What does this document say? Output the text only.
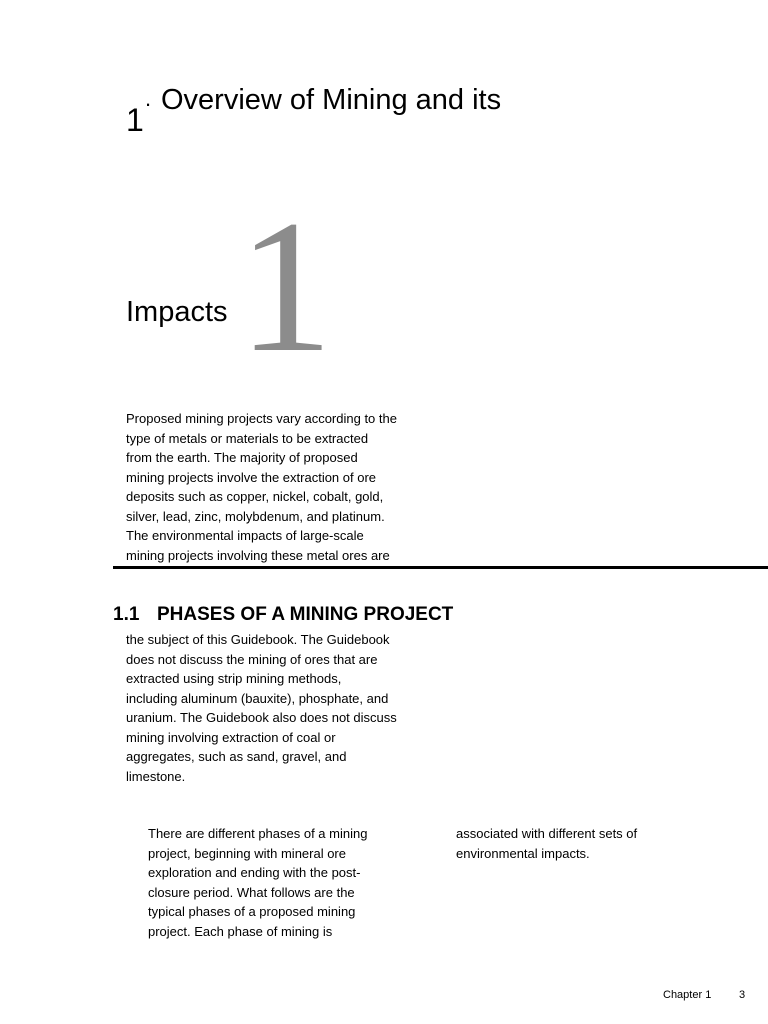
1
. Overview of Mining and its
Impacts 1
Proposed mining projects vary according to the
type of metals or materials to be extracted
from the earth. The majority of proposed
mining projects involve the extraction of ore
deposits such as copper, nickel, cobalt, gold,
silver, lead, zinc, molybdenum, and platinum.
The environmental impacts of large-scale
mining projects involving these metal ores are
1.1 PHASES OF A MINING PROJECT
the subject of this Guidebook. The Guidebook
does not discuss the mining of ores that are
extracted using strip mining methods,
including aluminum (bauxite), phosphate, and
uranium. The Guidebook also does not discuss
mining involving extraction of coal or
aggregates, such as sand, gravel, and
limestone.
There are different phases of a mining
project, beginning with mineral ore
exploration and ending with the post-
closure period. What follows are the
typical phases of a proposed mining
project. Each phase of mining is
associated with different sets of
environmental impacts.
Chapter 1	3
